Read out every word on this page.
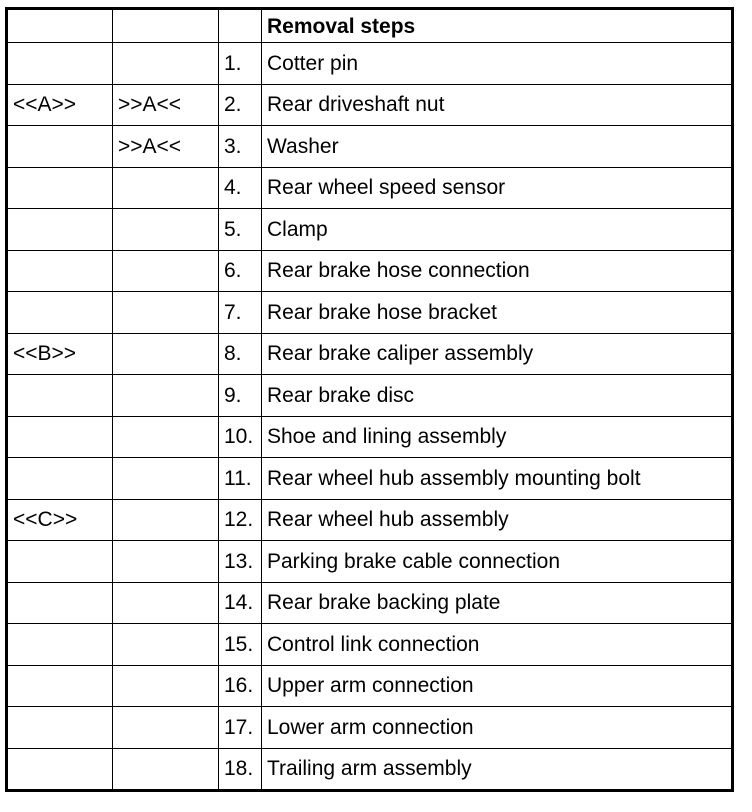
			Removal steps
		1.	Cotter pin
<<A>>	>>A<<	2.	Rear driveshaft nut
	>>A<<	3.	Washer
		4.	Rear wheel speed sensor
		5.	Clamp
		6.	Rear brake hose connection
		7.	Rear brake hose bracket
<<B>>		8.	Rear brake caliper assembly
		9.	Rear brake disc
		10.	Shoe and lining assembly
		11.	Rear wheel hub assembly mounting bolt
<<C>>		12.	Rear wheel hub assembly
		13.	Parking brake cable connection
		14.	Rear brake backing plate
		15.	Control link connection
		16.	Upper arm connection
		17.	Lower arm connection
		18.	Trailing arm assembly
